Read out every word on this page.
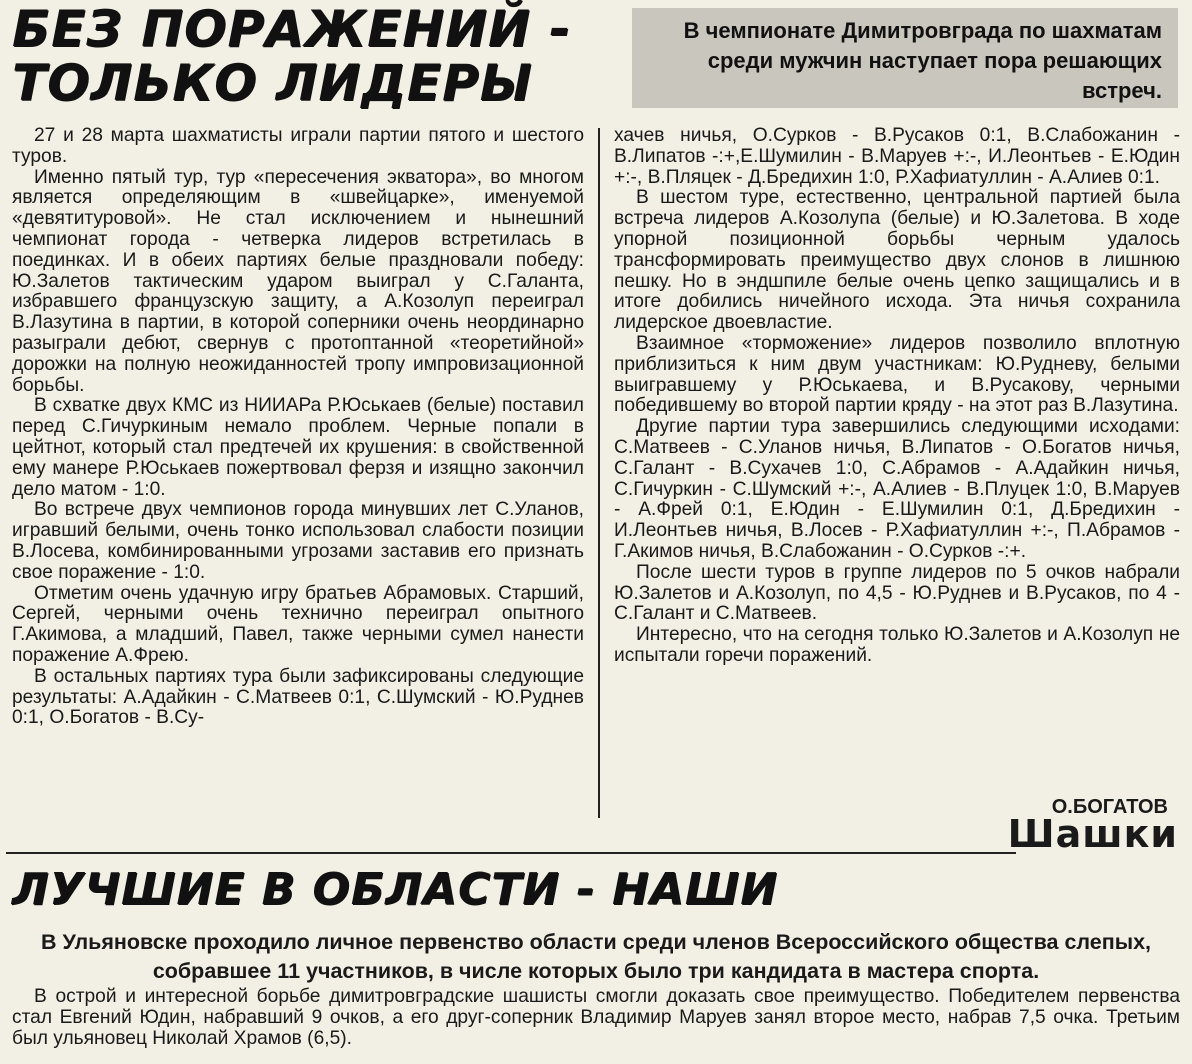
БЕЗ ПОРАЖЕНИЙ -
ТОЛЬКО ЛИДЕРЫ
В чемпионате Димитровграда по шахматам среди мужчин наступает пора решающих встреч.

27 и 28 марта шахматисты играли партии пятого и шестого туров.

Именно пятый тур, тур «пересечения экватора», во многом является определяющим в «швейцарке», именуемой «девятитуровой». Не стал исключением и нынешний чемпионат города - четверка лидеров встретилась в поединках. И в обеих партиях белые праздновали победу: Ю.Залетов тактическим ударом выиграл у С.Галанта, избравшего французскую защиту, а А.Козолуп переиграл В.Лазутина в партии, в которой соперники очень неординарно разыграли дебют, свернув с протоптанной «теоретийной» дорожки на полную неожиданностей тропу импровизационной борьбы.

В схватке двух КМС из НИИАРа Р.Юськаев (белые) поставил перед С.Гичуркиным немало проблем. Черные попали в цейтнот, который стал предтечей их крушения: в свойственной ему манере Р.Юськаев пожертвовал ферзя и изящно закончил дело матом - 1:0.

Во встрече двух чемпионов города минувших лет С.Уланов, игравший белыми, очень тонко использовал слабости позиции В.Лосева, комбинированными угрозами заставив его признать свое поражение - 1:0.

Отметим очень удачную игру братьев Абрамовых. Старший, Сергей, черными очень технично переиграл опытного Г.Акимова, а младший, Павел, также черными сумел нанести поражение А.Фрею.

В остальных партиях тура были зафиксированы следующие результаты: А.Адайкин - С.Матвеев 0:1, С.Шумский - Ю.Руднев 0:1, О.Богатов - В.Су-

хачев ничья, О.Сурков - В.Русаков 0:1, В.Слабожанин - В.Липатов -:+,Е.Шумилин - В.Маруев +:-, И.Леонтьев - Е.Юдин +:-, В.Пляцек - Д.Бредихин 1:0, Р.Хафиатуллин - А.Алиев 0:1.

В шестом туре, естественно, центральной партией была встреча лидеров А.Козолупа (белые) и Ю.Залетова. В ходе упорной позиционной борьбы черным удалось трансформировать преимущество двух слонов в лишнюю пешку. Но в эндшпиле белые очень цепко защищались и в итоге добились ничейного исхода. Эта ничья сохранила лидерское двоевластие.

Взаимное «торможение» лидеров позволило вплотную приблизиться к ним двум участникам: Ю.Рудневу, белыми выигравшему у Р.Юськаева, и В.Русакову, черными победившему во второй партии кряду - на этот раз В.Лазутина.

Другие партии тура завершились следующими исходами: С.Матвеев - С.Уланов ничья, В.Липатов - О.Богатов ничья, С.Галант - В.Сухачев 1:0, С.Абрамов - А.Адайкин ничья, С.Гичуркин - С.Шумский +:-, А.Алиев - В.Плуцек 1:0, В.Маруев - А.Фрей 0:1, Е.Юдин - Е.Шумилин 0:1, Д.Бредихин - И.Леонтьев ничья, В.Лосев - Р.Хафиатуллин +:-, П.Абрамов - Г.Акимов ничья, В.Слабожанин - О.Сурков -:+.

После шести туров в группе лидеров по 5 очков набрали Ю.Залетов и А.Козолуп, по 4,5 - Ю.Руднев и В.Русаков, по 4 - С.Галант и С.Матвеев.

Интересно, что на сегодня только Ю.Залетов и А.Козолуп не испытали горечи поражений.

О.БОГАТОВ
Шашки
ЛУЧШИЕ В ОБЛАСТИ - НАШИ
В Ульяновске проходило личное первенство области среди членов Всероссийского общества слепых, собравшее 11 участников, в числе которых было три кандидата в мастера спорта.

В острой и интересной борьбе димитровградские шашисты смогли доказать свое преимущество. Победителем первенства стал Евгений Юдин, набравший 9 очков, а его друг-соперник Владимир Маруев занял второе место, набрав 7,5 очка. Третьим был ульяновец Николай Храмов (6,5).
